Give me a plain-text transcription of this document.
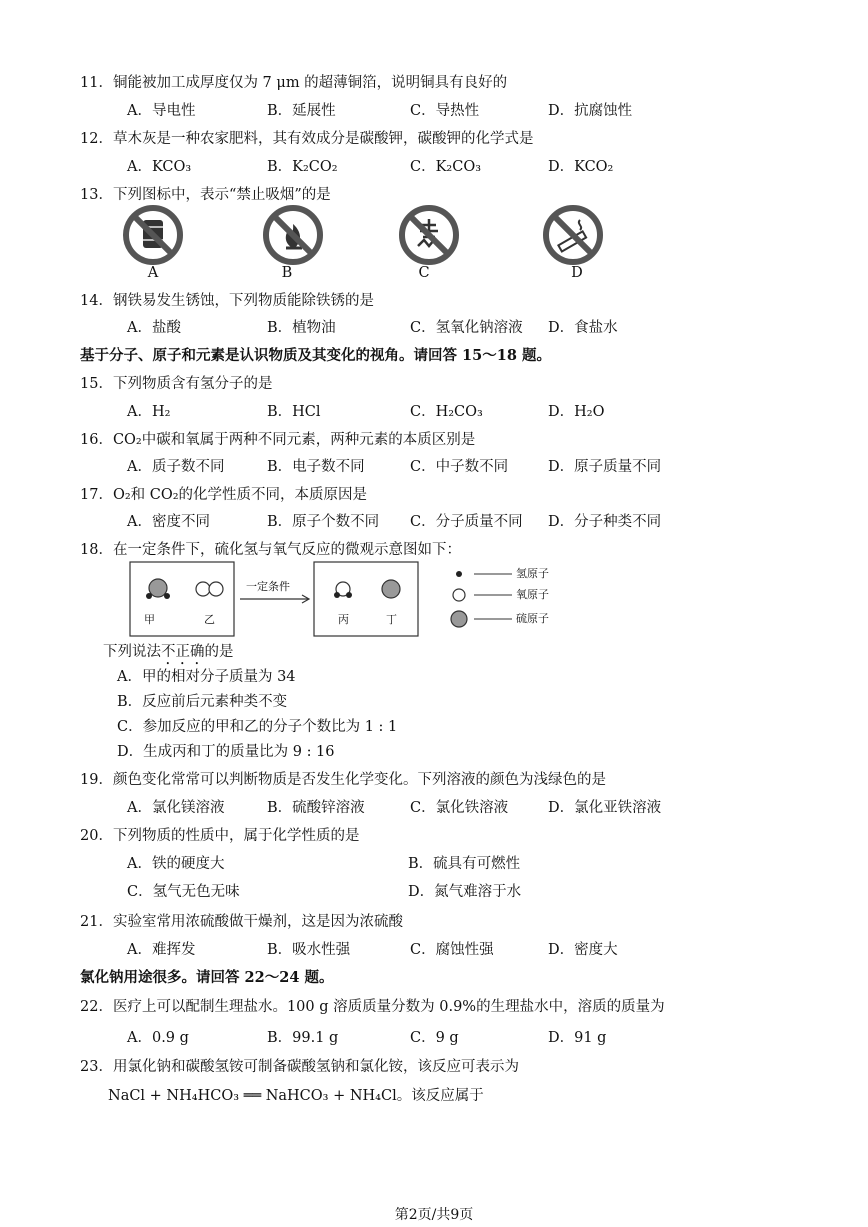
11．铜能被加工成厚度仅为 7 μm 的超薄铜箔，说明铜具有良好的
A．导电性	B．延展性	C．导热性	D．抗腐蚀性
12．草木灰是一种农家肥料，其有效成分是碳酸钾，碳酸钾的化学式是
A．KCO₃	B．K₂CO₂	C．K₂CO₃	D．KCO₂
13．下列图标中，表示“禁止吸烟”的是
A	B	C	D
14．钢铁易发生锈蚀，下列物质能除铁锈的是
A．盐酸	B．植物油	C．氢氧化钠溶液 D．食盐水
基于分子、原子和元素是认识物质及其变化的视角。请回答 15～18 题。
15．下列物质含有氢分子的是
A．H₂	B．HCl	C．H₂CO₃	D．H₂O
16．CO₂中碳和氧属于两种不同元素，两种元素的本质区别是
A．质子数不同	B．电子数不同	C．中子数不同	D．原子质量不同
17．O₂和 CO₂的化学性质不同，本质原因是
A．密度不同	B．原子个数不同 C．分子质量不同 D．分子种类不同
18．在一定条件下，硫化氢与氧气反应的微观示意图如下：
甲	乙
一定条件
丙	丁
氢原子
氧原子
硫原子
下列说法不正确的是
A．甲的相对分子质量为 34
B．反应前后元素种类不变
C．参加反应的甲和乙的分子个数比为 1 : 1
D．生成丙和丁的质量比为 9 : 16
19．颜色变化常常可以判断物质是否发生化学变化。下列溶液的颜色为浅绿色的是
A．氯化镁溶液	B．硫酸锌溶液	C．氯化铁溶液	D．氯化亚铁溶液
20．下列物质的性质中，属于化学性质的是
A．铁的硬度大	B．硫具有可燃性
C．氢气无色无味	D．氮气难溶于水
21．实验室常用浓硫酸做干燥剂，这是因为浓硫酸
A．难挥发	B．吸水性强	C．腐蚀性强	D．密度大
氯化钠用途很多。请回答 22～24 题。
22．医疗上可以配制生理盐水。100 g 溶质质量分数为 0.9%的生理盐水中，溶质的质量为
A．0.9 g	B．99.1 g	C．9 g	D．91 g
23．用氯化钠和碳酸氢铵可制备碳酸氢钠和氯化铵，该反应可表示为
NaCl + NH₄HCO₃ ══ NaHCO₃ + NH₄Cl。该反应属于
第2页/共9页
